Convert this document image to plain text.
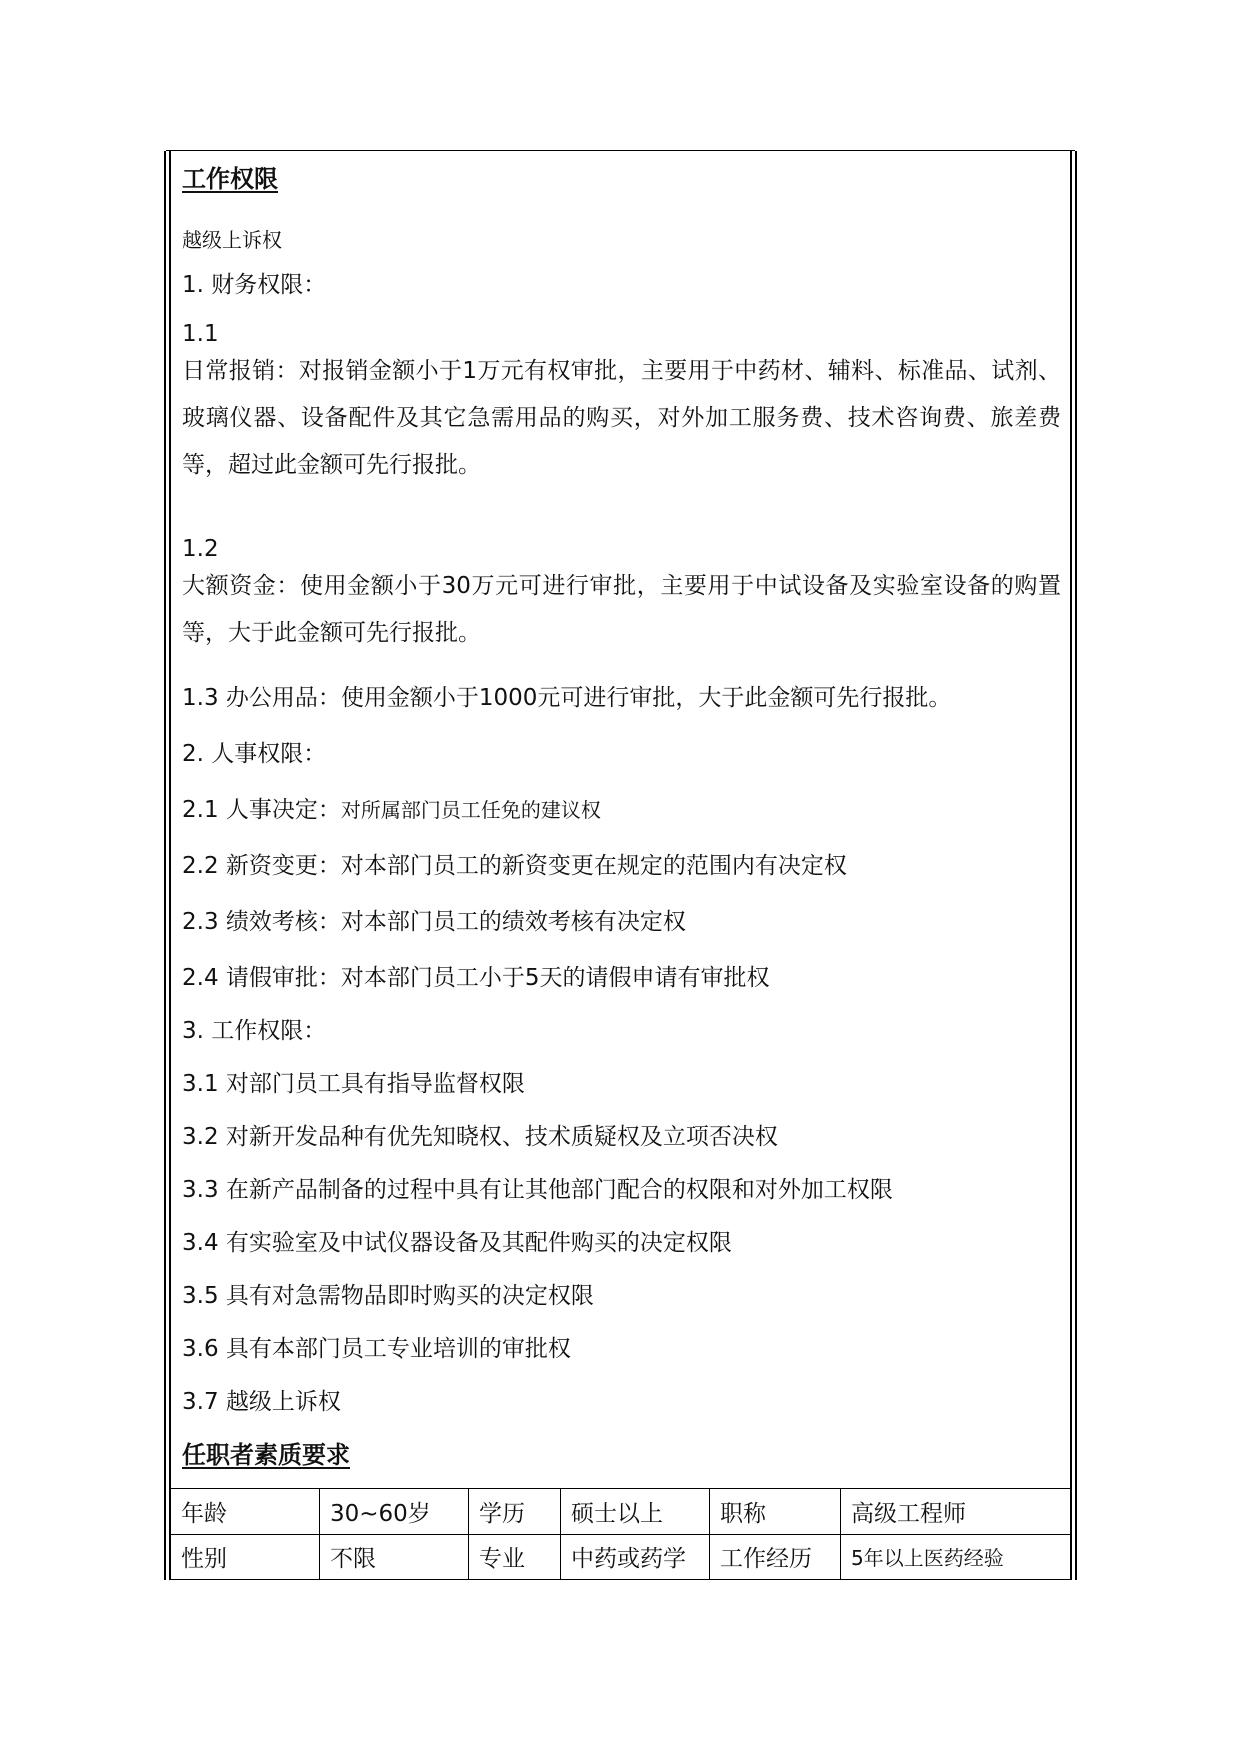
工作权限
越级上诉权
1. 财务权限：
1.1
日常报销：对报销金额小于1万元有权审批，主要用于中药材、辅料、标准品、试剂、玻璃仪器、设备配件及其它急需用品的购买，对外加工服务费、技术咨询费、旅差费等，超过此金额可先行报批。
1.2
大额资金：使用金额小于30万元可进行审批，主要用于中试设备及实验室设备的购置等，大于此金额可先行报批。
1.3 办公用品：使用金额小于1000元可进行审批，大于此金额可先行报批。
2. 人事权限：
2.1 人事决定：对所属部门员工任免的建议权
2.2 新资变更：对本部门员工的新资变更在规定的范围内有决定权
2.3 绩效考核：对本部门员工的绩效考核有决定权
2.4 请假审批：对本部门员工小于5天的请假申请有审批权
3. 工作权限：
3.1 对部门员工具有指导监督权限
3.2 对新开发品种有优先知晓权、技术质疑权及立项否决权
3.3 在新产品制备的过程中具有让其他部门配合的权限和对外加工权限
3.4 有实验室及中试仪器设备及其配件购买的决定权限
3.5 具有对急需物品即时购买的决定权限
3.6 具有本部门员工专业培训的审批权
3.7 越级上诉权
任职者素质要求
年龄	30~60岁	学历	硕士以上	职称	高级工程师
性别	不限	专业	中药或药学	工作经历	5年以上医药经验
